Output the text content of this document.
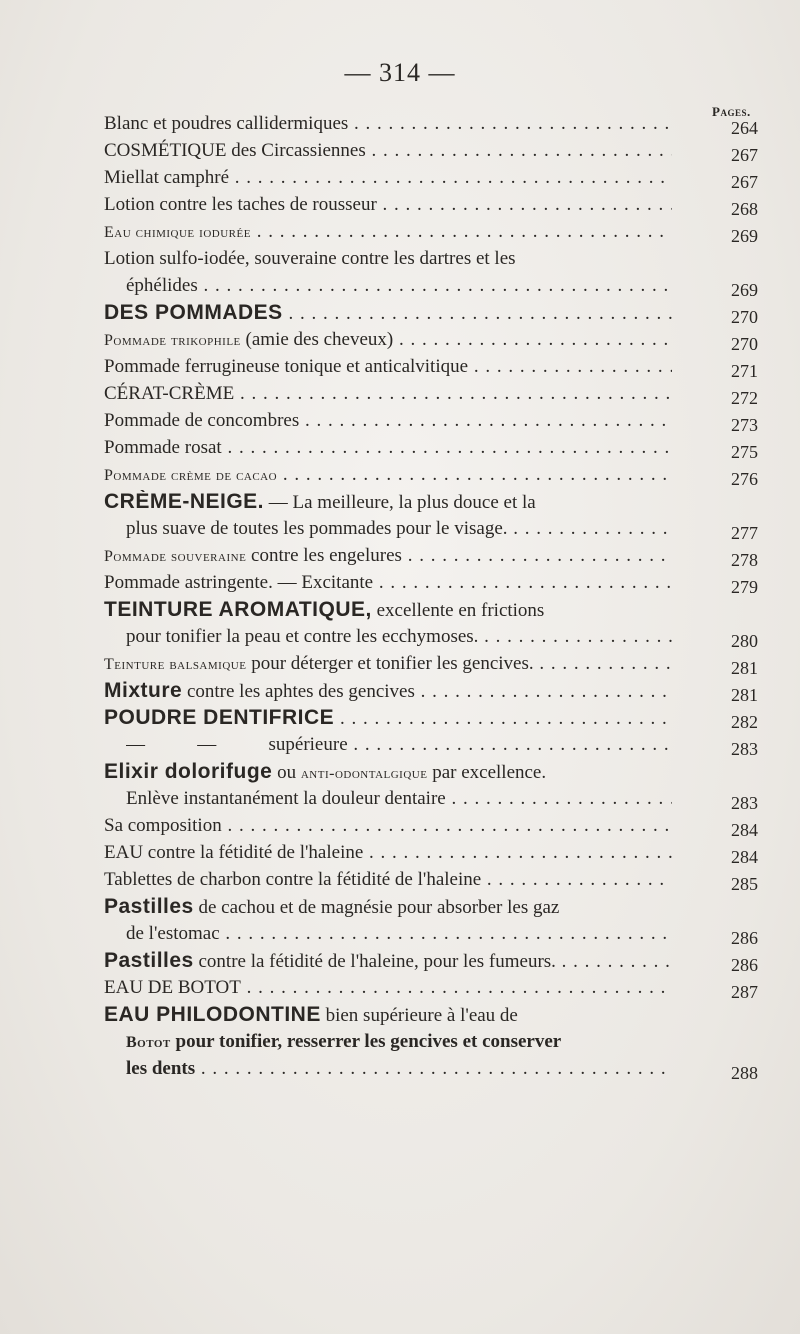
— 314 —
Pages.
Blanc et poudres callidermiques . . .	264
COSMÉTIQUE des Circassiennes . . .	267
Miellat camphré . . .	267
Lotion contre les taches de rousseur . . .	268
Eau chimique iodurée . . .	269
Lotion sulfo-iodée, souveraine contre les dartres et les
éphélides . . .	269
DES POMMADES . . .	270
Pommade trikophile (amie des cheveux) . . .	270
Pommade ferrugineuse tonique et anticalvitique . . .	271
CÉRAT-CRÈME . . .	272
Pommade de concombres . . .	273
Pommade rosat . . .	275
Pommade crème de cacao . . .	276
CRÈME-NEIGE. — La meilleure, la plus douce et la
plus suave de toutes les pommades pour le visage. . . .	277
Pommade souveraine contre les engelures . . .	278
Pommade astringente. — Excitante . . .	279
TEINTURE AROMATIQUE, excellente en frictions
pour tonifier la peau et contre les ecchymoses. . . .	280
Teinture balsamique pour déterger et tonifier les gencives. . . .	281
Mixture contre les aphtes des gencives . . .	281
POUDRE DENTIFRICE . . .	282
—           —           supérieure . . .	283
Elixir dolorifuge ou anti-odontalgique par excellence.
Enlève instantanément la douleur dentaire . . .	283
Sa composition . . .	284
EAU contre la fétidité de l'haleine . . .	284
Tablettes de charbon contre la fétidité de l'haleine . . .	285
Pastilles de cachou et de magnésie pour absorber les gaz
de l'estomac . . .	286
Pastilles contre la fétidité de l'haleine, pour les fumeurs. . . .	286
EAU DE BOTOT . . .	287
EAU PHILODONTINE bien supérieure à l'eau de
Botot pour tonifier, resserrer les gencives et conserver
les dents . . .	288
